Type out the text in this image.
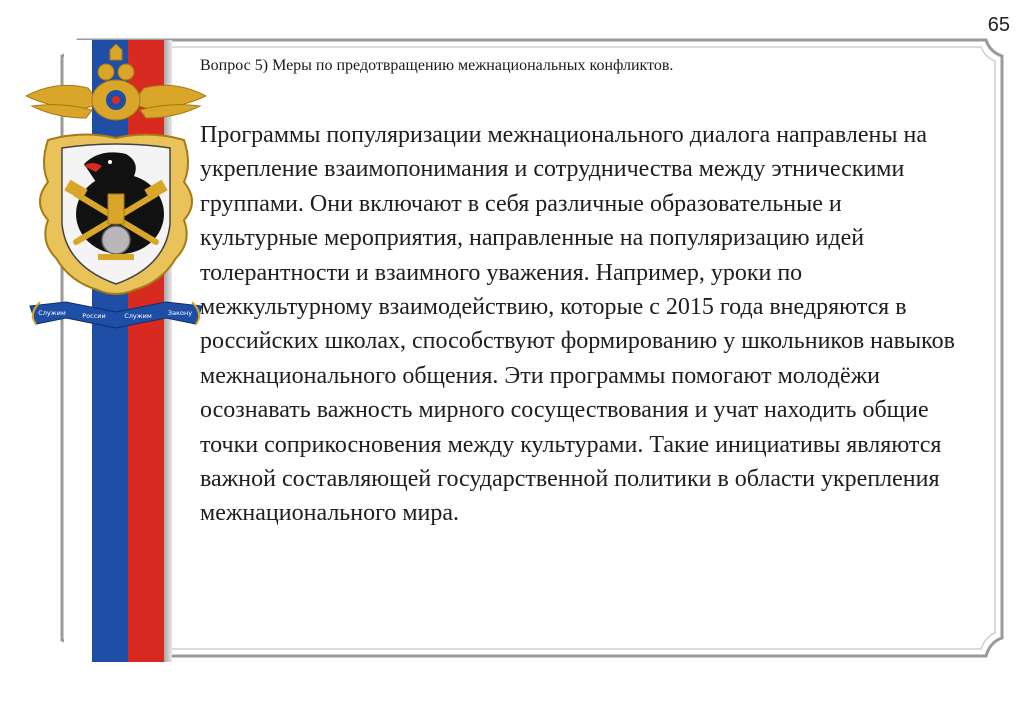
65
Служим	России	Служим Закону
Вопрос 5) Меры по предотвращению межнациональных конфликтов.

Программы популяризации межнационального диалога направлены на укрепление взаимопонимания и сотрудничества между этническими группами. Они включают в себя различные образовательные и культурные мероприятия, направленные на популяризацию идей толерантности и взаимного уважения. Например, уроки по межкультурному взаимодействию, которые с 2015 года внедряются в российских школах, способствуют формированию у школьников навыков межнационального общения. Эти программы помогают молодёжи осознавать важность мирного сосуществования и учат находить общие точки соприкосновения между культурами. Такие инициативы являются важной составляющей государственной политики в области укрепления межнационального мира.
